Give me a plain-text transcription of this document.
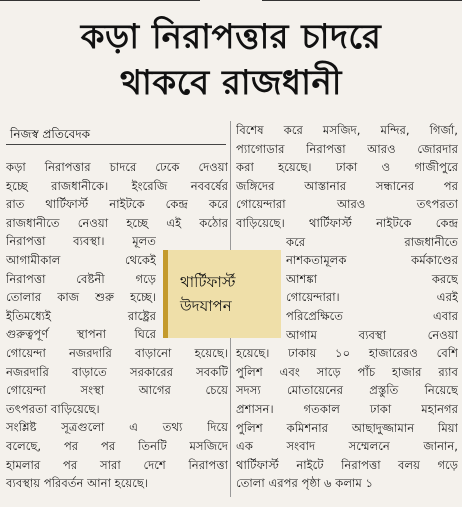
কড়া নিরাপত্তার চাদরে
থাকবে রাজধানী
নিজস্ব প্রতিবেদক
কড়া নিরাপত্তার চাদরে ঢেকে দেওয়া
হচ্ছে রাজধানীকে। ইংরেজি নববর্ষের
রাত থার্টিফার্স্ট নাইটকে কেন্দ্র করে
রাজধানীতে নেওয়া হচ্ছে এই কঠোর
নিরাপত্তা ব্যবস্থা। মূলত
আগামীকাল থেকেই
নিরাপত্তা বেষ্টনী গড়ে
তোলার কাজ শুরু হচ্ছে।
ইতিমধ্যেই রাষ্ট্রের
গুরুত্বপূর্ণ স্থাপনা ঘিরে
গোয়েন্দা নজরদারি বাড়ানো হয়েছে।
নজরদারি বাড়াতে সরকারের সবকটি
গোয়েন্দা সংস্থা আগের চেয়ে
তৎপরতা বাড়িয়েছে।
সংশ্লিষ্ট সূত্রগুলো এ তথ্য দিয়ে
বলেছে, পর পর তিনটি মসজিদে
হামলার পর সারা দেশে নিরাপত্তা
ব্যবস্থায় পরিবর্তন আনা হয়েছে।
বিশেষ করে মসজিদ, মন্দির, গির্জা,
প্যাগোডার নিরাপত্তা আরও জোরদার
করা হয়েছে। ঢাকা ও গাজীপুরে
জঙ্গিদের আস্তানার সন্ধানের পর
গোয়েন্দারা আরও তৎপরতা
বাড়িয়েছে। থার্টিফার্স্ট নাইটকে কেন্দ্র
করে রাজধানীতে
নাশকতামূলক কর্মকাণ্ডের
আশঙ্কা করছে
গোয়েন্দারা। এরই
পরিপ্রেক্ষিতে এবার
আগাম ব্যবস্থা নেওয়া
হয়েছে। ঢাকায় ১০ হাজারেরও বেশি
পুলিশ এবং সাড়ে পাঁচ হাজার র‍্যাব
সদস্য মোতায়েনের প্রস্তুতি নিয়েছে
প্রশাসন। গতকাল ঢাকা মহানগর
পুলিশ কমিশনার আছাদুজ্জামান মিয়া
এক সংবাদ সম্মেলনে জানান,
থার্টিফার্স্ট নাইটে নিরাপত্তা বলয় গড়ে
তোলা এরপর পৃষ্ঠা ৬ কলাম ১
থার্টিফার্স্ট
উদযাপন
